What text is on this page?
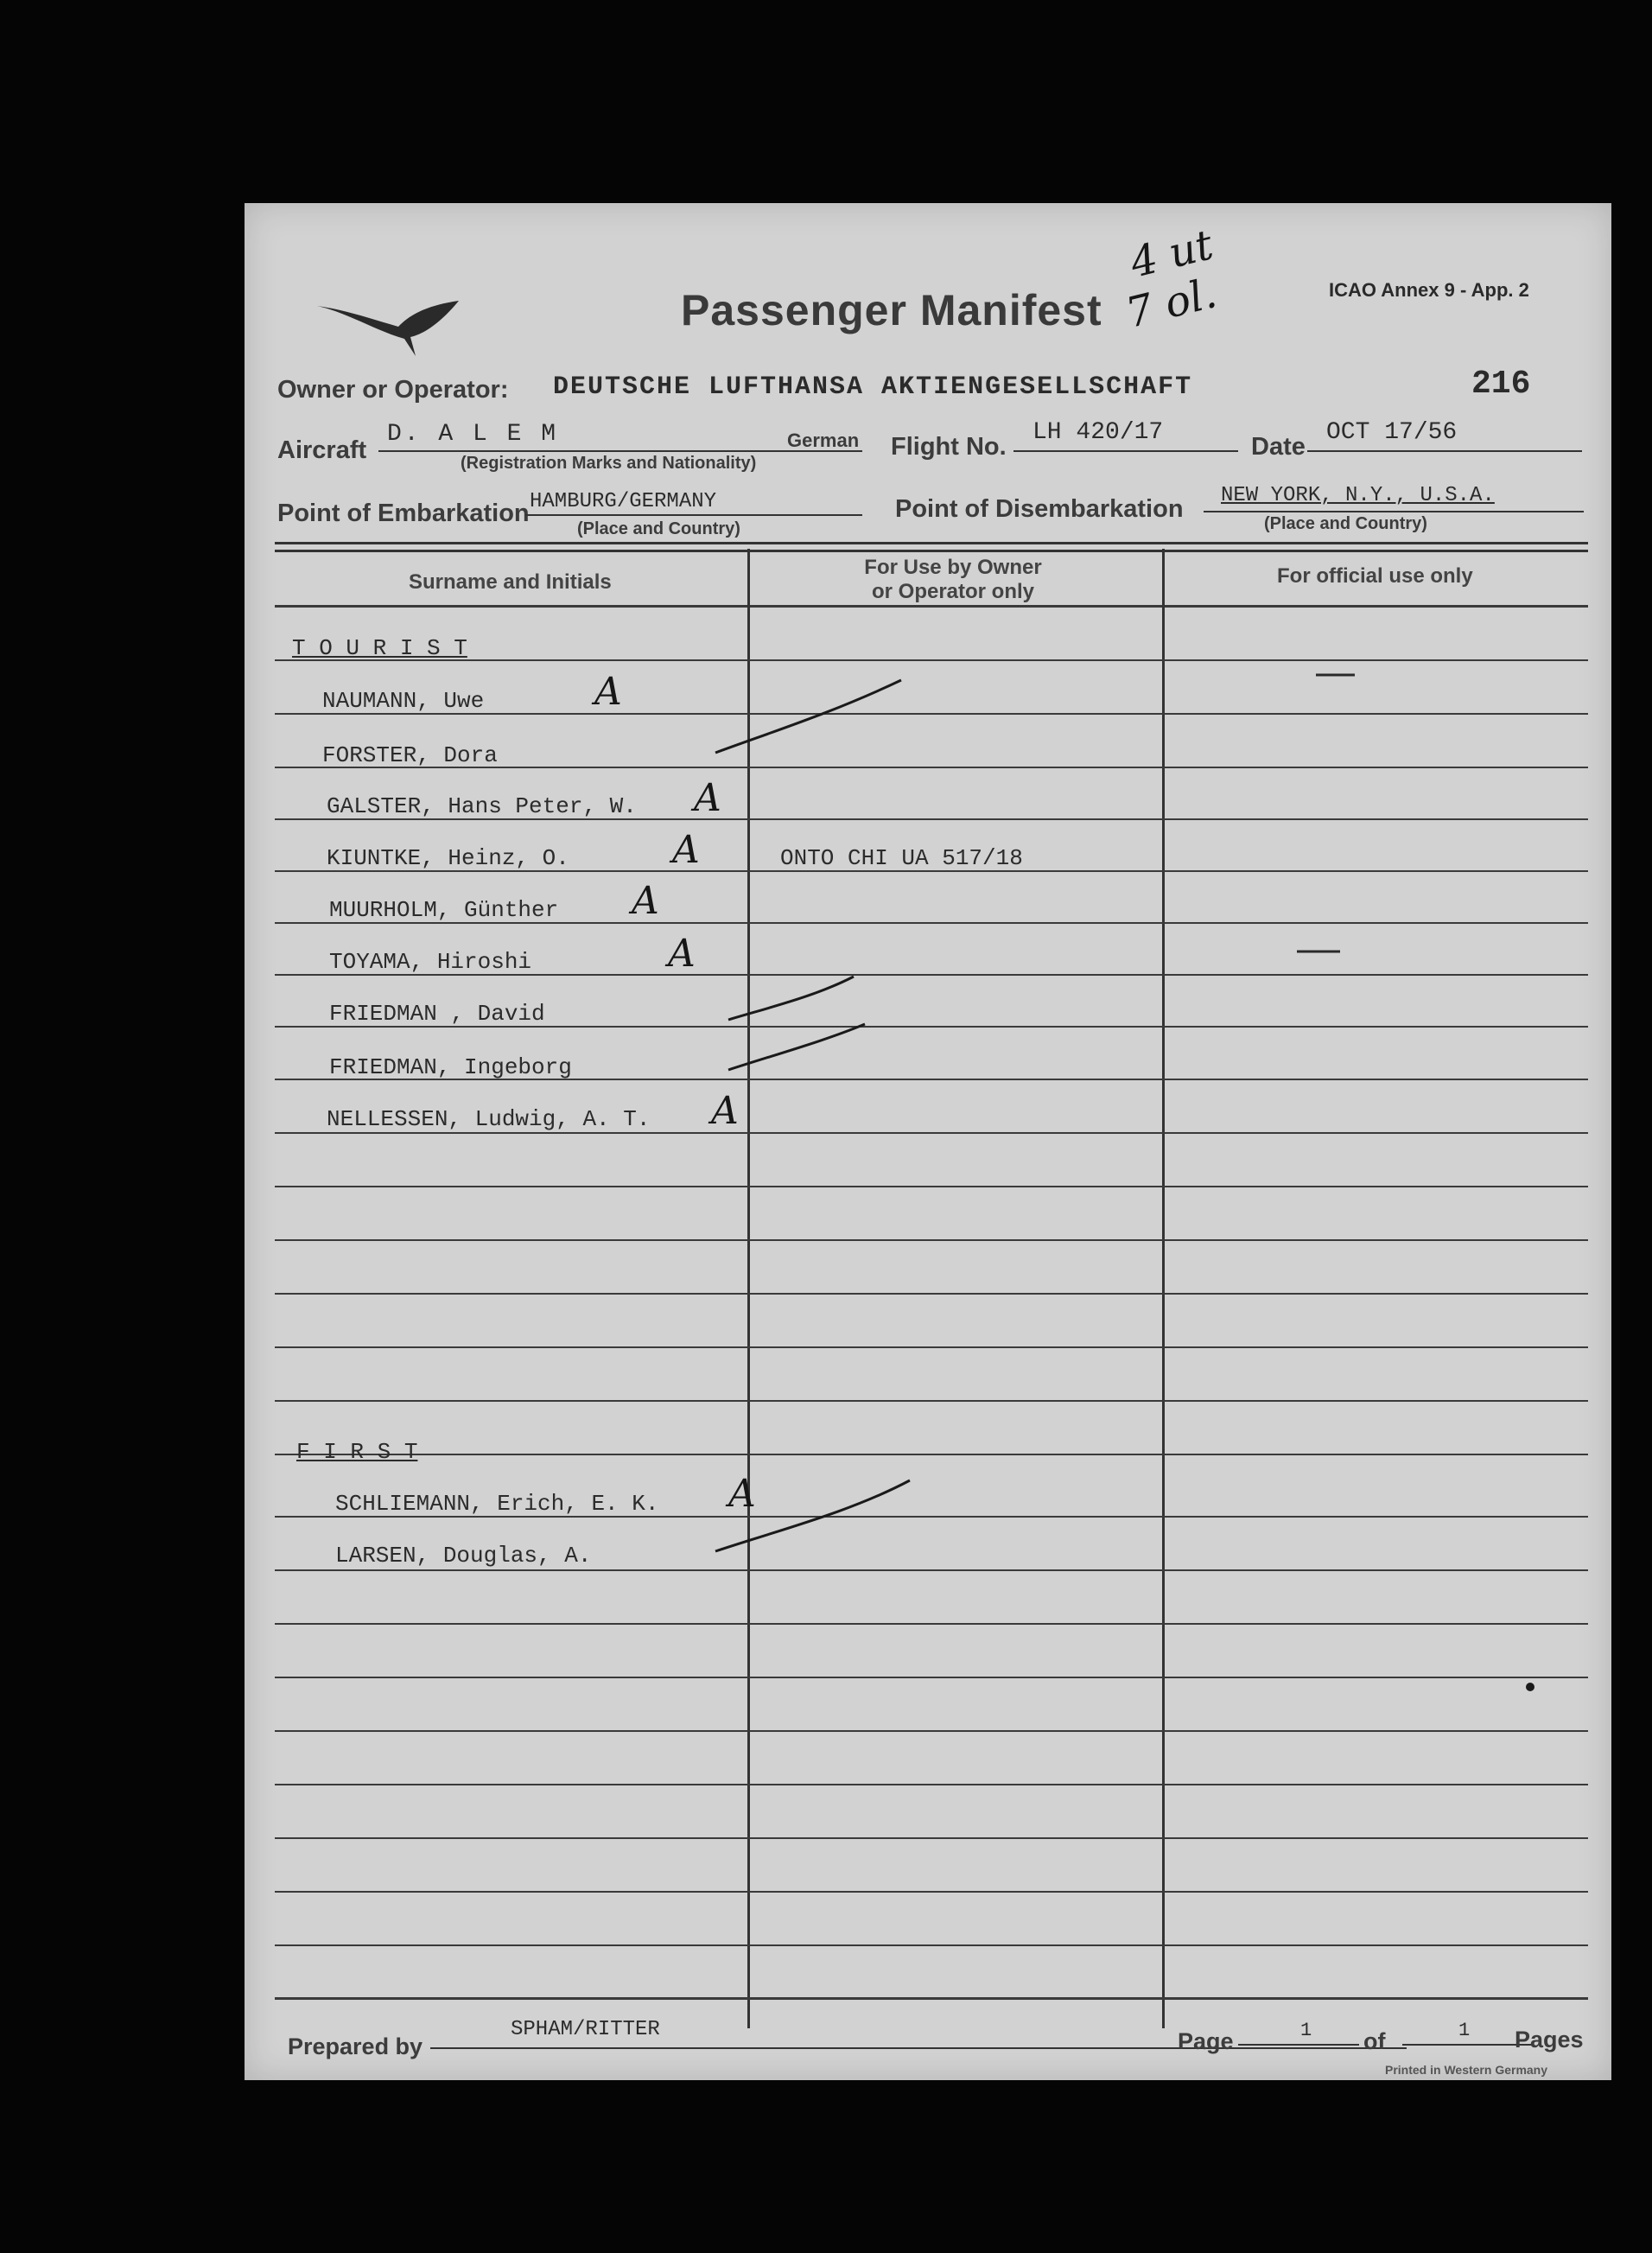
Passenger Manifest
4 ut
7 ol.	ICAO Annex 9 - App. 2
Owner or Operator: DEUTSCHE LUFTHANSA AKTIENGESELLSCHAFT	216
Aircraft
D. A L E M	German
(Registration Marks and Nationality)
Flight No.
LH 420/17
Date
OCT 17/56
Point of Embarkation HAMBURG/GERMANY
(Place and Country)
Point of Disembarkation NEW YORK, N.Y., U.S.A.
(Place and Country)
Surname and Initials
For Use by Owner
or Operator only
For official use only
T O U R I S T
NAUMANN, Uwe	A
FORSTER, Dora
GALSTER, Hans Peter, W. A
KIUNTKE, Heinz, O.	A	ONTO CHI UA 517/18
MUURHOLM, Günther A
TOYAMA, Hiroshi	A
FRIEDMAN , David
FRIEDMAN, Ingeborg
NELLESSEN, Ludwig, A. T. A
F I R S T
SCHLIEMANN, Erich, E. K. A
LARSEN, Douglas, A.
Prepared by
SPHAM/RITTER	Page	1 of	1 Pages
Printed in Western Germany
